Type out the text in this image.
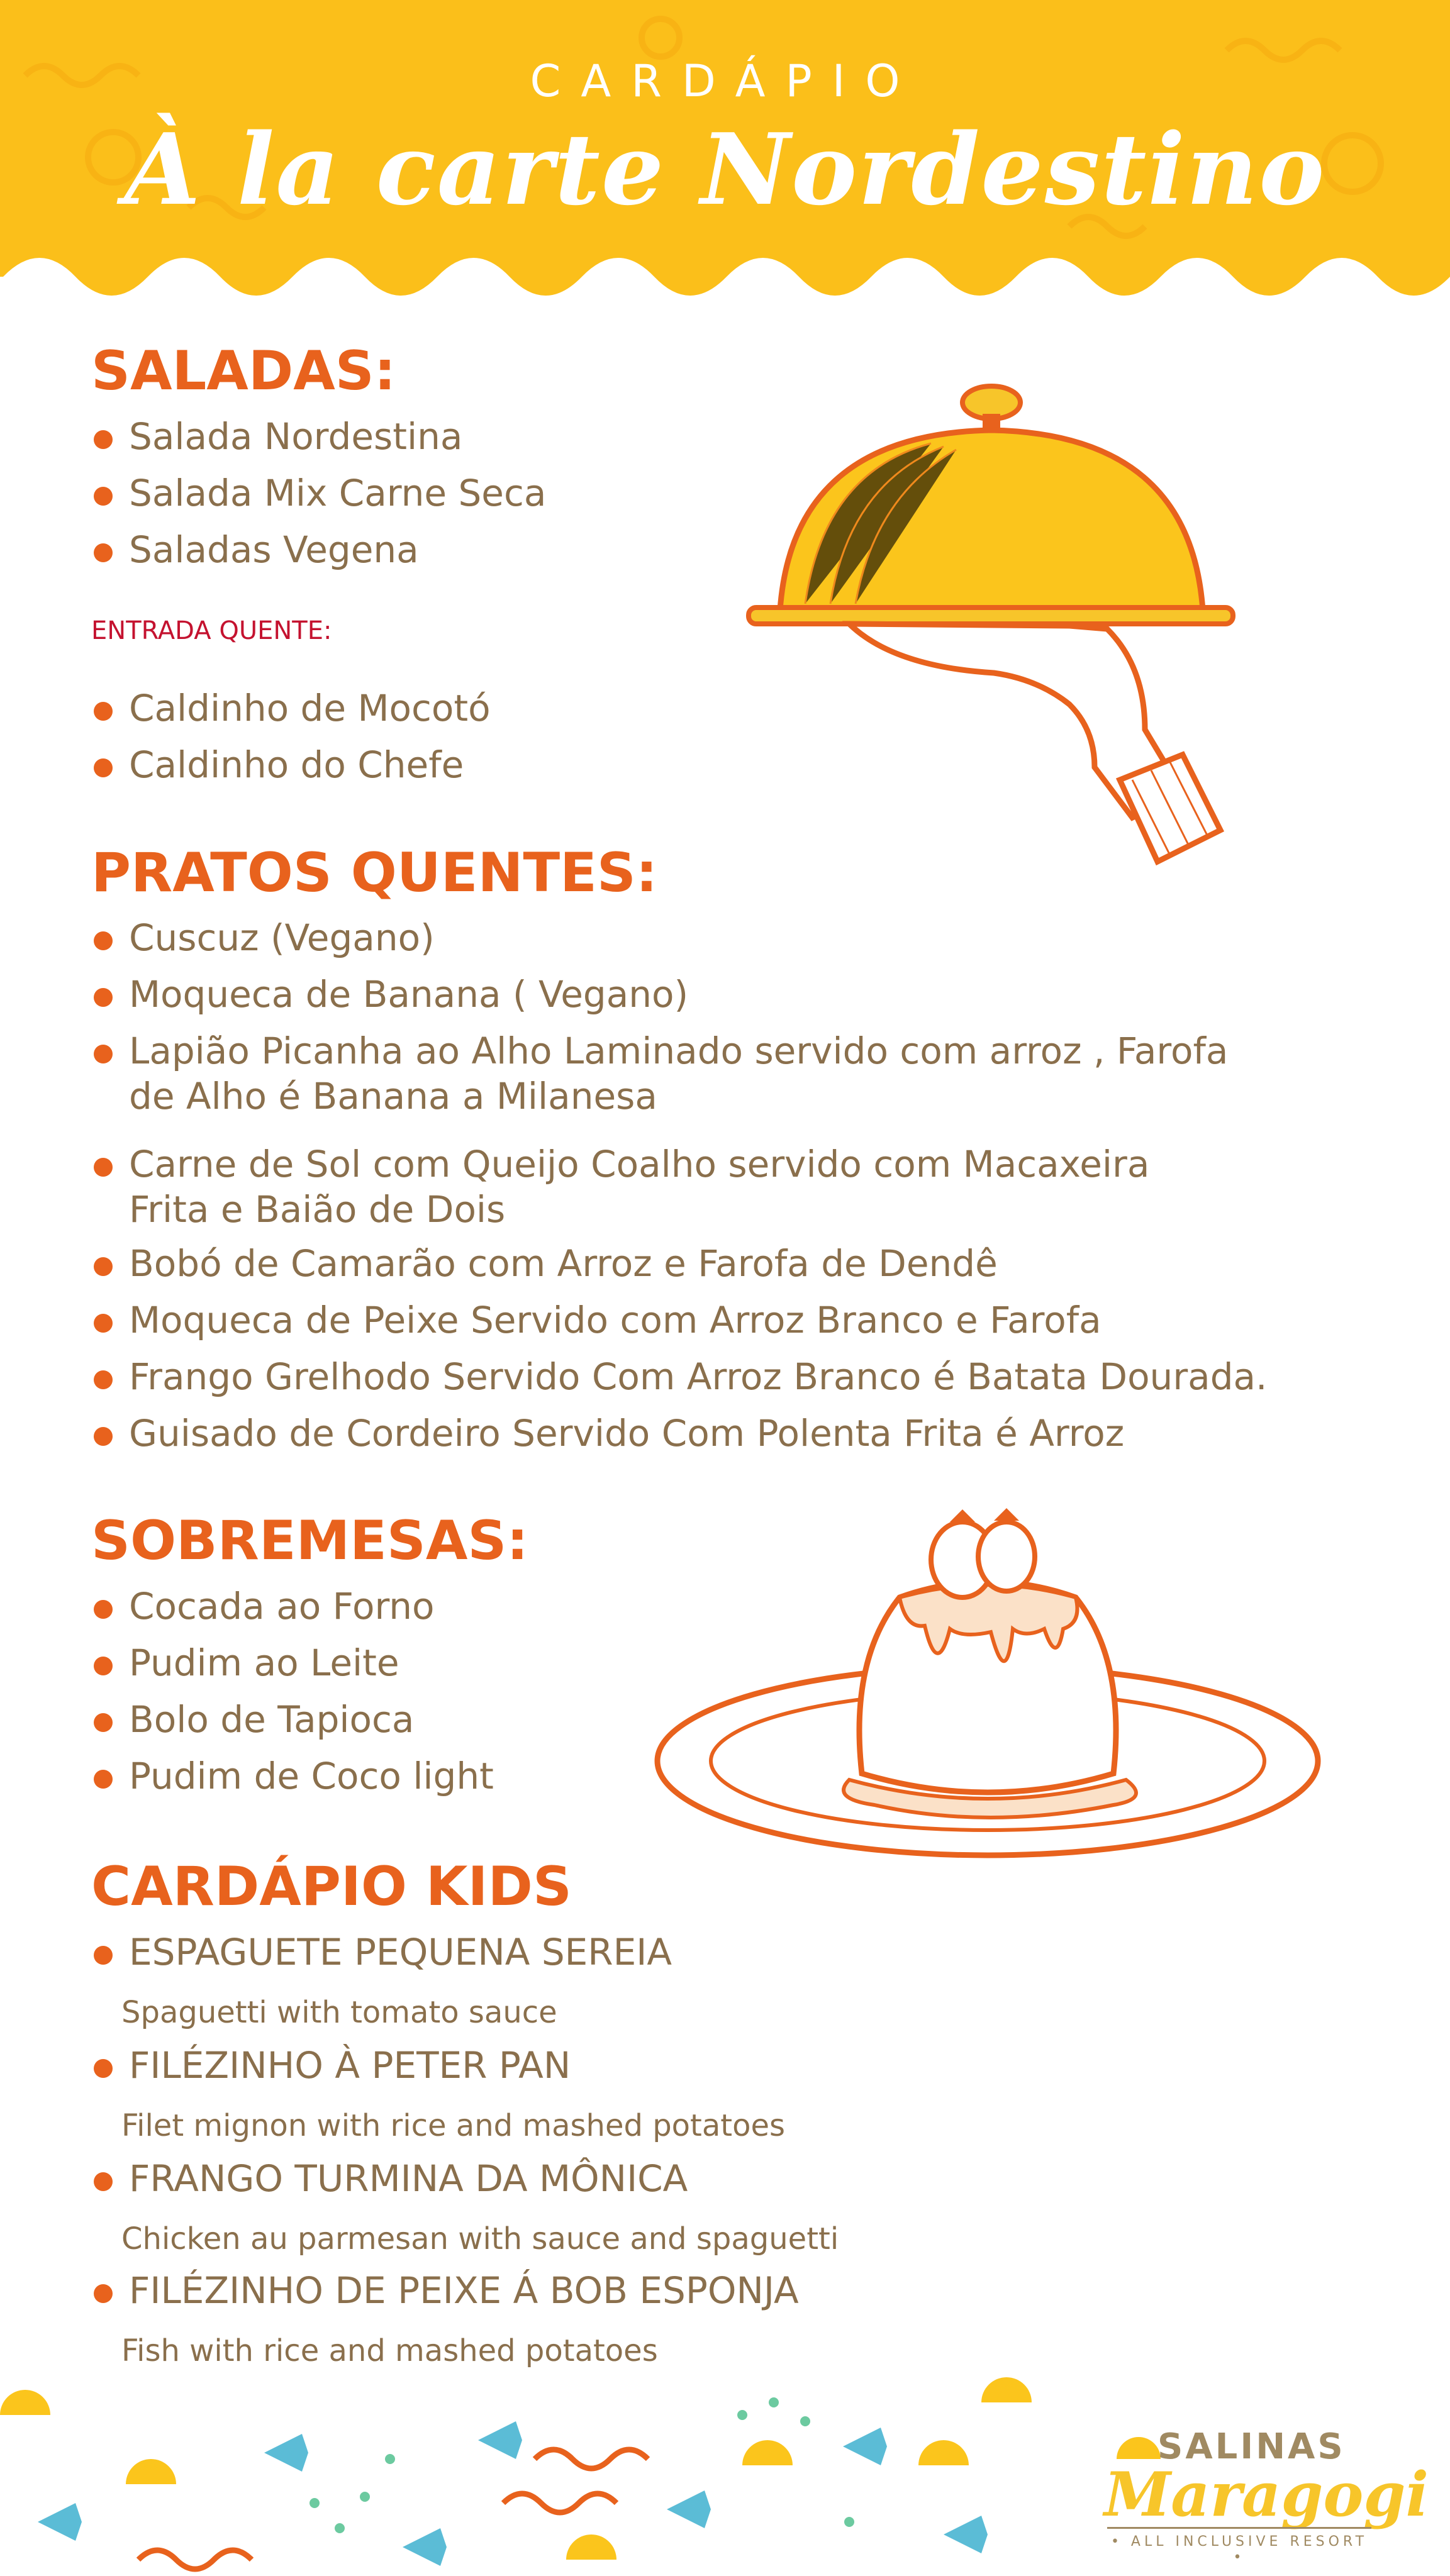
CARDÁPIO
À la carte Nordestino
SALADAS:
Salada Nordestina
Salada Mix Carne Seca
Saladas Vegena
ENTRADA QUENTE:
Caldinho de Mocotó
Caldinho do Chefe
PRATOS QUENTES:
Cuscuz (Vegano)
Moqueca de Banana ( Vegano)
Lapião Picanha ao Alho Laminado servido com arroz , Farofa
de Alho é Banana a Milanesa
Carne de Sol com Queijo Coalho servido com Macaxeira
Frita e Baião de Dois
Bobó de Camarão com Arroz e Farofa de Dendê
Moqueca de Peixe Servido com Arroz Branco e Farofa
Frango Grelhodo Servido Com Arroz Branco é Batata Dourada.
Guisado de Cordeiro Servido Com Polenta Frita é Arroz
SOBREMESAS:
Cocada ao Forno
Pudim ao Leite
Bolo de Tapioca
Pudim de Coco light
CARDÁPIO KIDS
ESPAGUETE PEQUENA SEREIA
FILÉZINHO À PETER PAN
FRANGO TURMINA DA MÔNICA
FILÉZINHO DE PEIXE Á BOB ESPONJA
Spaguetti with tomato sauce
Filet mignon with rice and mashed potatoes
Chicken au parmesan with sauce and spaguetti
Fish with rice and mashed potatoes
SALINAS
Maragogi
• ALL INCLUSIVE RESORT •
